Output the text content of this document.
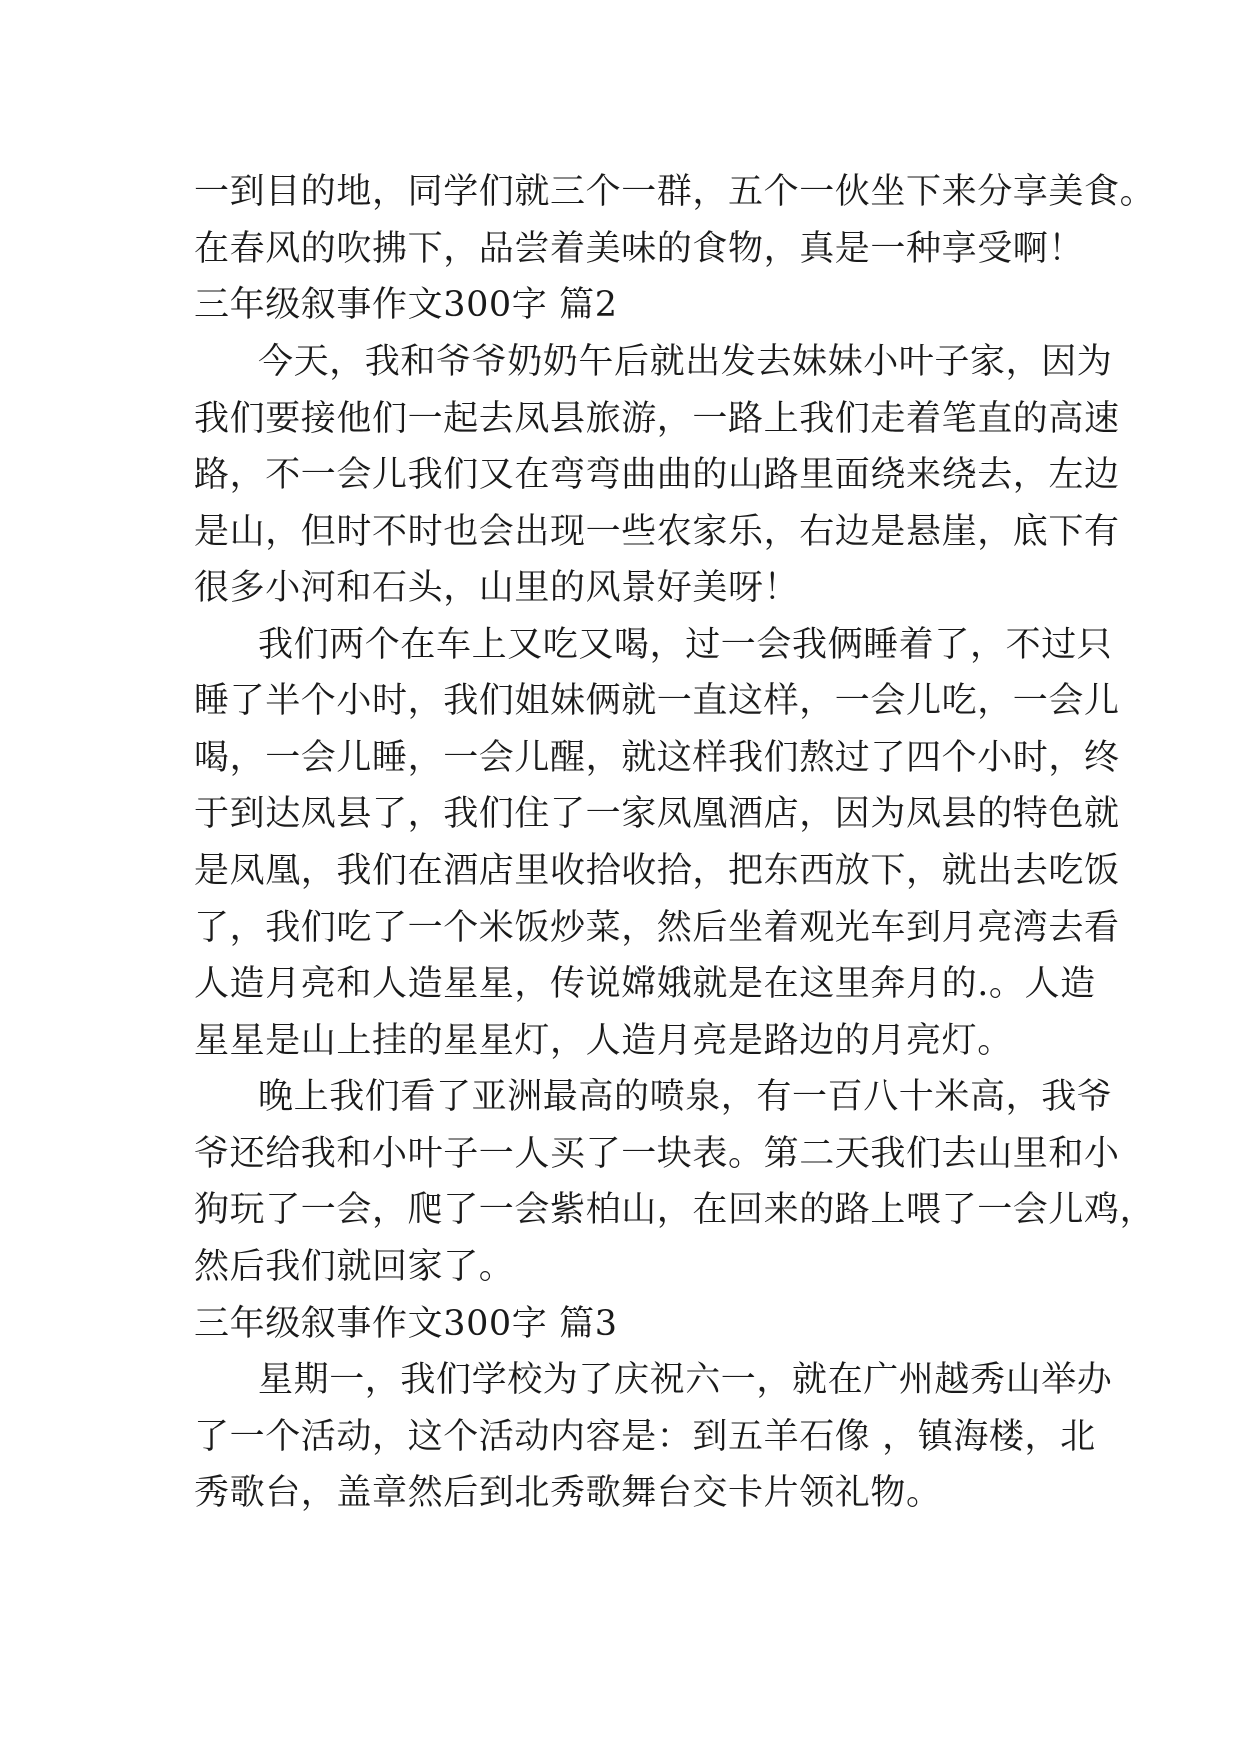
一到目的地，同学们就三个一群，五个一伙坐下来分享美食。
在春风的吹拂下，品尝着美味的食物，真是一种享受啊！
三年级叙事作文300字 篇2
今天，我和爷爷奶奶午后就出发去妹妹小叶子家，因为
我们要接他们一起去凤县旅游，一路上我们走着笔直的高速
路，不一会儿我们又在弯弯曲曲的山路里面绕来绕去，左边
是山，但时不时也会出现一些农家乐，右边是悬崖，底下有
很多小河和石头，山里的风景好美呀！
我们两个在车上又吃又喝，过一会我俩睡着了，不过只
睡了半个小时，我们姐妹俩就一直这样，一会儿吃，一会儿
喝，一会儿睡，一会儿醒，就这样我们熬过了四个小时，终
于到达凤县了，我们住了一家凤凰酒店，因为凤县的特色就
是凤凰，我们在酒店里收拾收拾，把东西放下，就出去吃饭
了，我们吃了一个米饭炒菜，然后坐着观光车到月亮湾去看
人造月亮和人造星星，传说嫦娥就是在这里奔月的.。人造
星星是山上挂的星星灯，人造月亮是路边的月亮灯。
晚上我们看了亚洲最高的喷泉，有一百八十米高，我爷
爷还给我和小叶子一人买了一块表。第二天我们去山里和小
狗玩了一会，爬了一会紫柏山，在回来的路上喂了一会儿鸡，
然后我们就回家了。
三年级叙事作文300字 篇3
星期一，我们学校为了庆祝六一，就在广州越秀山举办
了一个活动，这个活动内容是：到五羊石像 ，镇海楼，北
秀歌台，盖章然后到北秀歌舞台交卡片领礼物。
